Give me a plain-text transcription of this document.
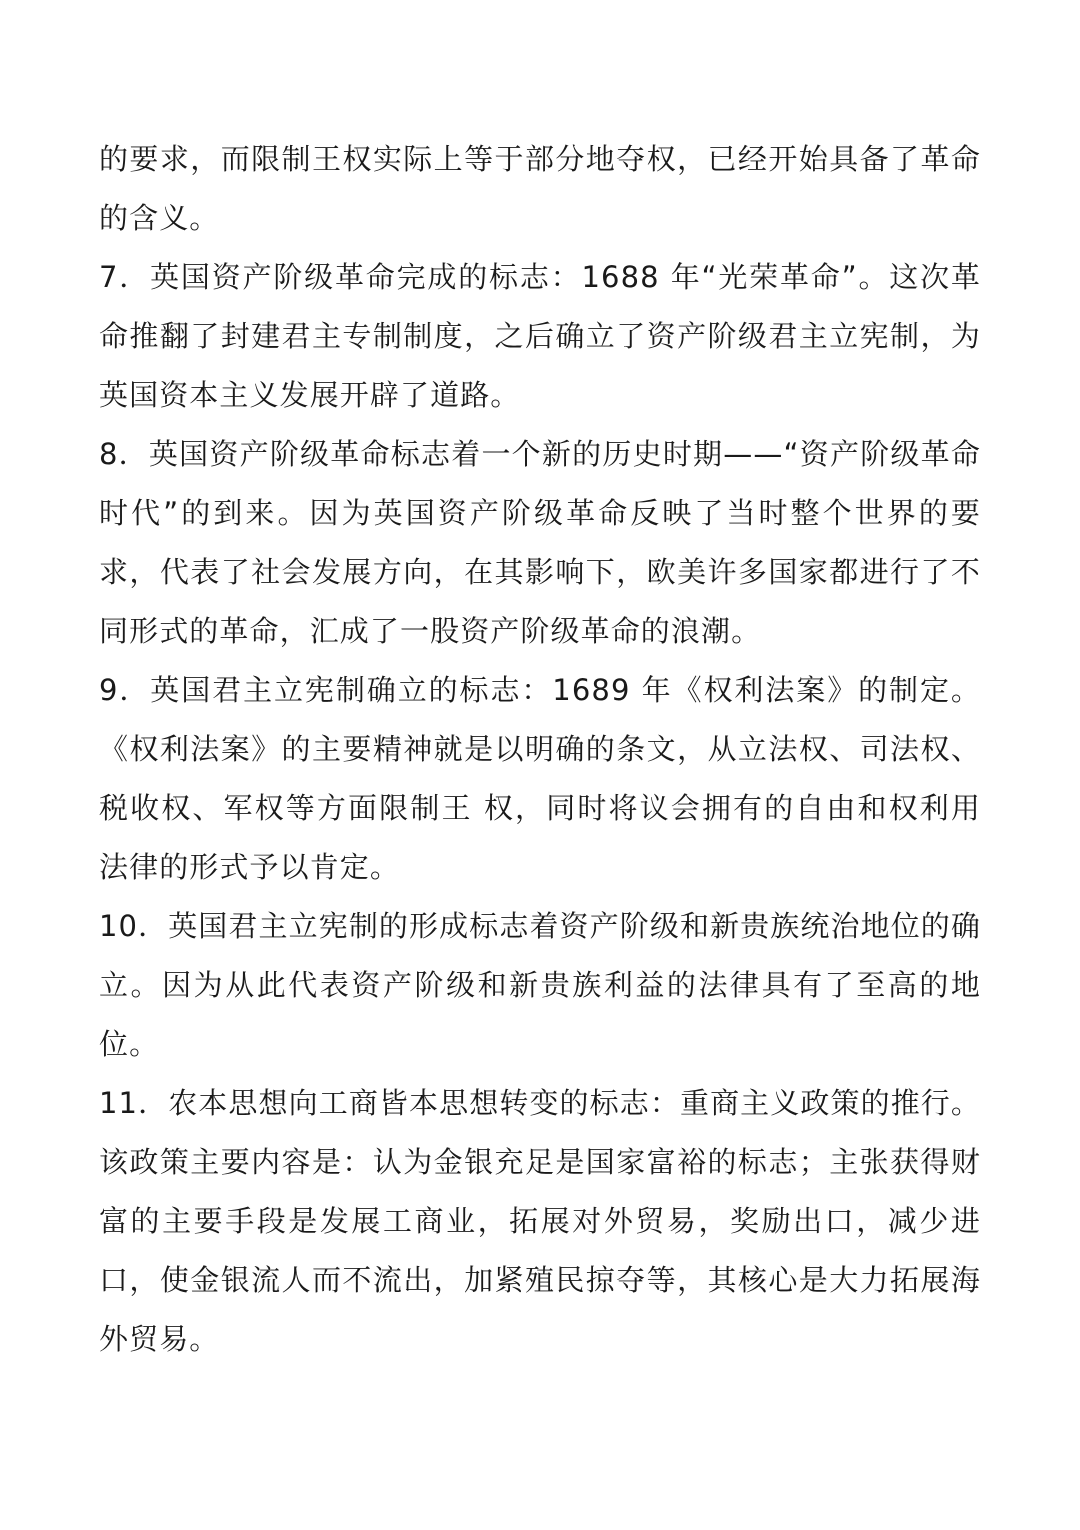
的要求，而限制王权实际上等于部分地夺权，已经开始具备了革命的含义。

7．英国资产阶级革命完成的标志：1688 年“光荣革命”。这次革命推翻了封建君主专制制度，之后确立了资产阶级君主立宪制，为英国资本主义发展开辟了道路。

8．英国资产阶级革命标志着一个新的历史时期——“资产阶级革命时代”的到来。因为英国资产阶级革命反映了当时整个世界的要求，代表了社会发展方向，在其影响下，欧美许多国家都进行了不同形式的革命，汇成了一股资产阶级革命的浪潮。

9．英国君主立宪制确立的标志：1689 年《权利法案》的制定。《权利法案》的主要精神就是以明确的条文，从立法权、司法权、税收权、军权等方面限制王 权，同时将议会拥有的自由和权利用法律的形式予以肯定。

10．英国君主立宪制的形成标志着资产阶级和新贵族统治地位的确立。因为从此代表资产阶级和新贵族利益的法律具有了至高的地位。

11．农本思想向工商皆本思想转变的标志：重商主义政策的推行。该政策主要内容是：认为金银充足是国家富裕的标志；主张获得财富的主要手段是发展工商业，拓展对外贸易，奖励出口，减少进口，使金银流人而不流出，加紧殖民掠夺等，其核心是大力拓展海外贸易。
